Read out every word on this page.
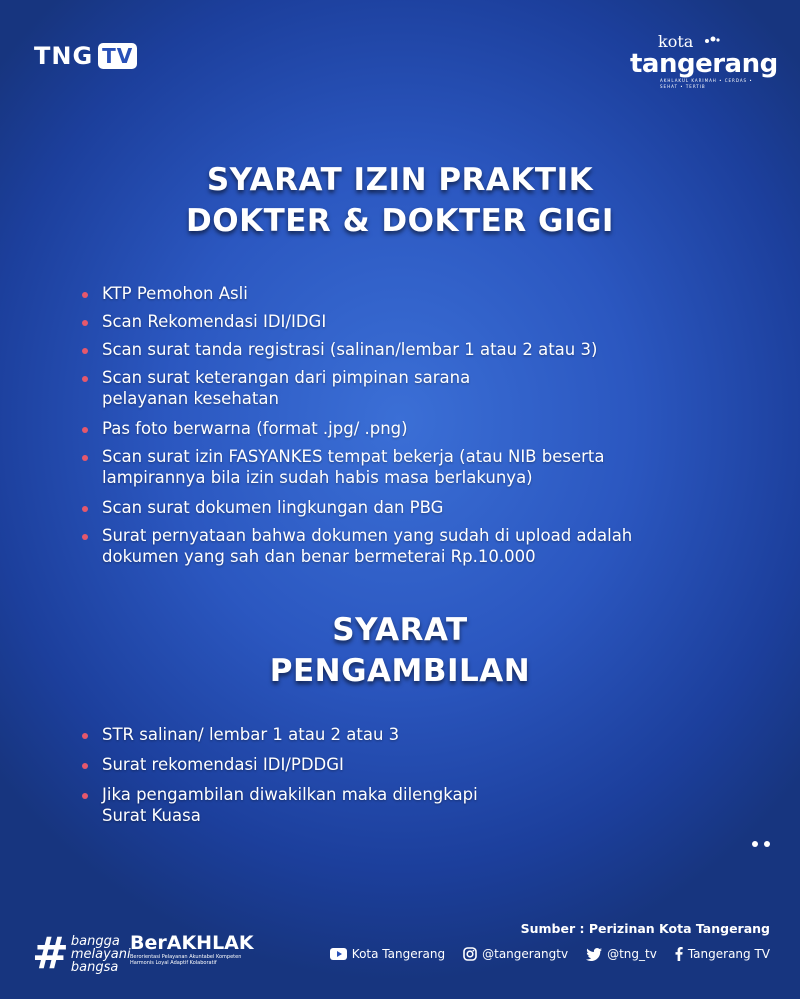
TNG TV
kota
tangerang
AKHLAKUL KARIMAH • CERDAS • SEHAT • TERTIB
SYARAT IZIN PRAKTIK
DOKTER & DOKTER GIGI
KTP Pemohon Asli
Scan Rekomendasi IDI/IDGI
Scan surat tanda registrasi (salinan/lembar 1 atau 2 atau 3)
Scan surat keterangan dari pimpinan sarana
pelayanan kesehatan
Pas foto berwarna (format .jpg/ .png)
Scan surat izin FASYANKES tempat bekerja (atau NIB beserta
lampirannya bila izin sudah habis masa berlakunya)
Scan surat dokumen lingkungan dan PBG
Surat pernyataan bahwa dokumen yang sudah di upload adalah
dokumen yang sah dan benar bermeterai Rp.10.000
SYARAT
PENGAMBILAN
STR salinan/ lembar 1 atau 2 atau 3
Surat rekomendasi IDI/PDDGI
Jika pengambilan diwakilkan maka dilengkapi
Surat Kuasa
# bangga
melayani
bangsa
BerAKHLAK
Berorientasi Pelayanan Akuntabel Kompeten Harmonis Loyal Adaptif Kolaboratif
Sumber : Perizinan Kota Tangerang
Kota Tangerang	@tangerangtv	@tng_tv	Tangerang TV
